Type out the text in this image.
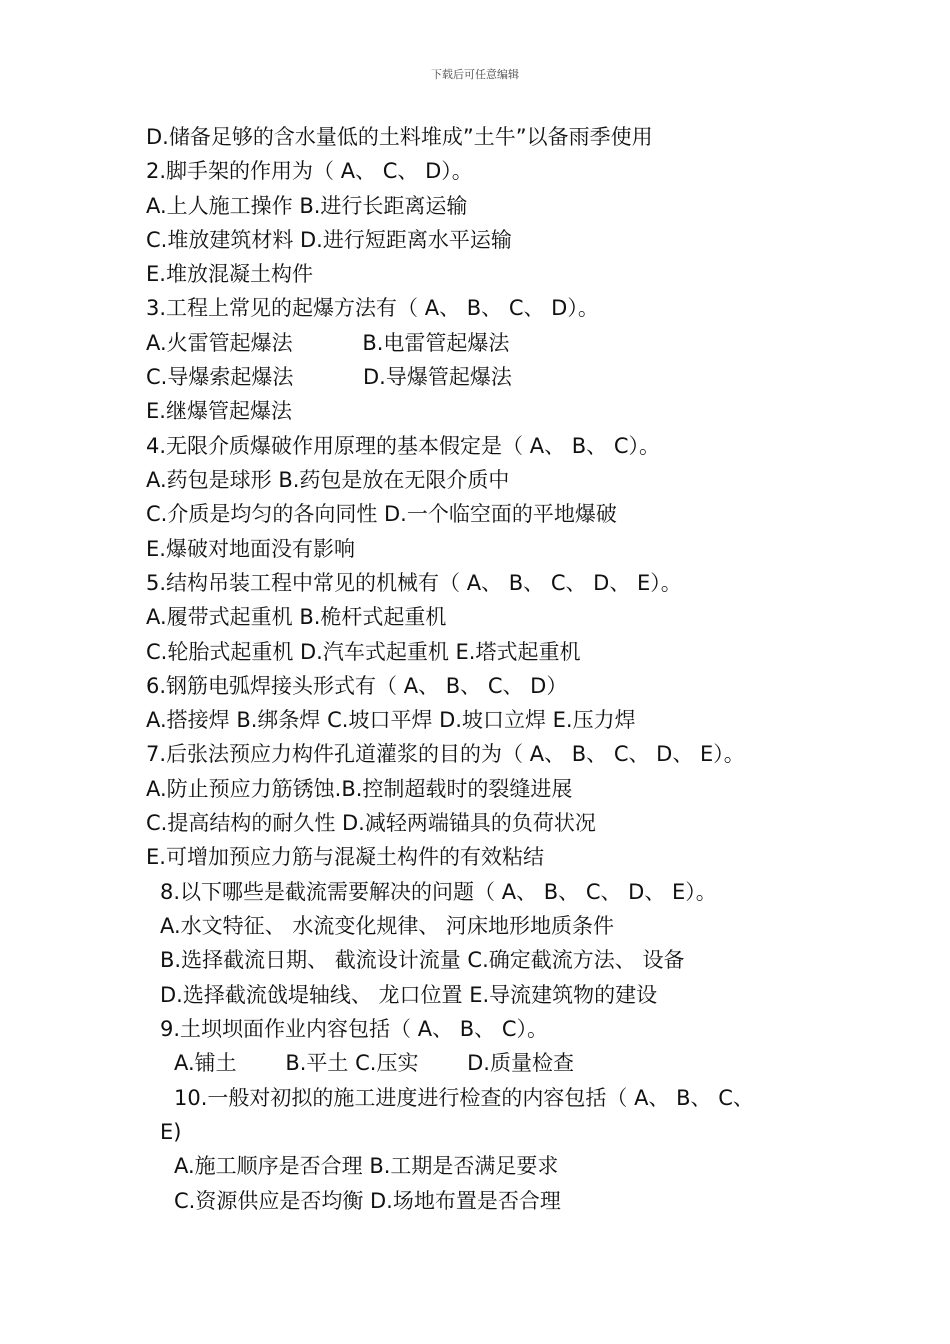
下载后可任意编辑
D.储备足够的含水量低的土料堆成”土牛”以备雨季使用
2.脚手架的作用为（ A、 C、 D）。
A.上人施工操作 B.进行长距离运输
C.堆放建筑材料 D.进行短距离水平运输
E.堆放混凝土构件
3.工程上常见的起爆方法有（ A、 B、 C、 D）。
A.火雷管起爆法　　　 B.电雷管起爆法
C.导爆索起爆法　　　 D.导爆管起爆法
E.继爆管起爆法
4.无限介质爆破作用原理的基本假定是（ A、 B、 C）。
A.药包是球形 B.药包是放在无限介质中
C.介质是均匀的各向同性 D.一个临空面的平地爆破
E.爆破对地面没有影响
5.结构吊装工程中常见的机械有（ A、 B、 C、 D、 E）。
A.履带式起重机 B.桅杆式起重机
C.轮胎式起重机 D.汽车式起重机 E.塔式起重机
6.钢筋电弧焊接头形式有（ A、 B、 C、 D）
A.搭接焊 B.绑条焊 C.坡口平焊 D.坡口立焊 E.压力焊
7.后张法预应力构件孔道灌浆的目的为（ A、 B、 C、 D、 E）。
A.防止预应力筋锈蚀.B.控制超载时的裂缝进展
C.提高结构的耐久性 D.减轻两端锚具的负荷状况
E.可增加预应力筋与混凝土构件的有效粘结
8.以下哪些是截流需要解决的问题（ A、 B、 C、 D、 E）。
A.水文特征、 水流变化规律、 河床地形地质条件
B.选择截流日期、 截流设计流量 C.确定截流方法、 设备
D.选择截流戗堤轴线、 龙口位置 E.导流建筑物的建设
9.土坝坝面作业内容包括（ A、 B、 C）。
A.铺土　　 B.平土 C.压实　　 D.质量检查
10.一般对初拟的施工进度进行检查的内容包括（ A、 B、 C、
E)
A.施工顺序是否合理 B.工期是否满足要求
C.资源供应是否均衡 D.场地布置是否合理
